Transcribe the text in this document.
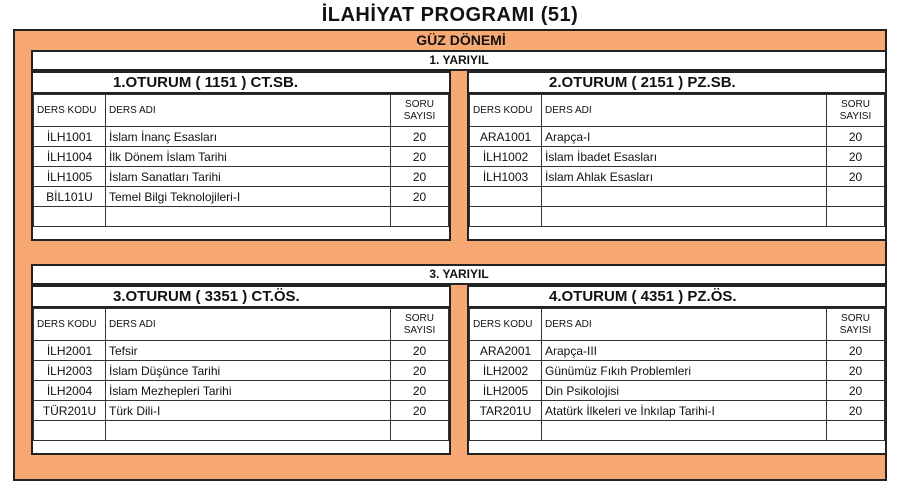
İLAHİYAT PROGRAMI (51)
GÜZ DÖNEMİ
1. YARIYIL
1.OTURUM ( 1151 ) CT.SB.
DERS KODU	DERS ADI	SORU
SAYISI
İLH1001	İslam İnanç Esasları	20
İLH1004	İlk Dönem İslam Tarihi	20
İLH1005	İslam Sanatları Tarihi	20
BİL101U	Temel Bilgi Teknolojileri-I	20

2.OTURUM ( 2151 ) PZ.SB.
DERS KODU	DERS ADI	SORU
SAYISI
ARA1001	Arapça-I	20
İLH1002	İslam İbadet Esasları	20
İLH1003	İslam Ahlak Esasları	20

3. YARIYIL
3.OTURUM ( 3351 ) CT.ÖS.
DERS KODU	DERS ADI	SORU
SAYISI
İLH2001	Tefsir	20
İLH2003	İslam Düşünce Tarihi	20
İLH2004	İslam Mezhepleri Tarihi	20
TÜR201U	Türk Dili-I	20

4.OTURUM ( 4351 ) PZ.ÖS.
DERS KODU	DERS ADI	SORU
SAYISI
ARA2001	Arapça-III	20
İLH2002	Günümüz Fıkıh Problemleri	20
İLH2005	Din Psikolojisi	20
TAR201U	Atatürk İlkeleri ve İnkılap Tarihi-I	20
